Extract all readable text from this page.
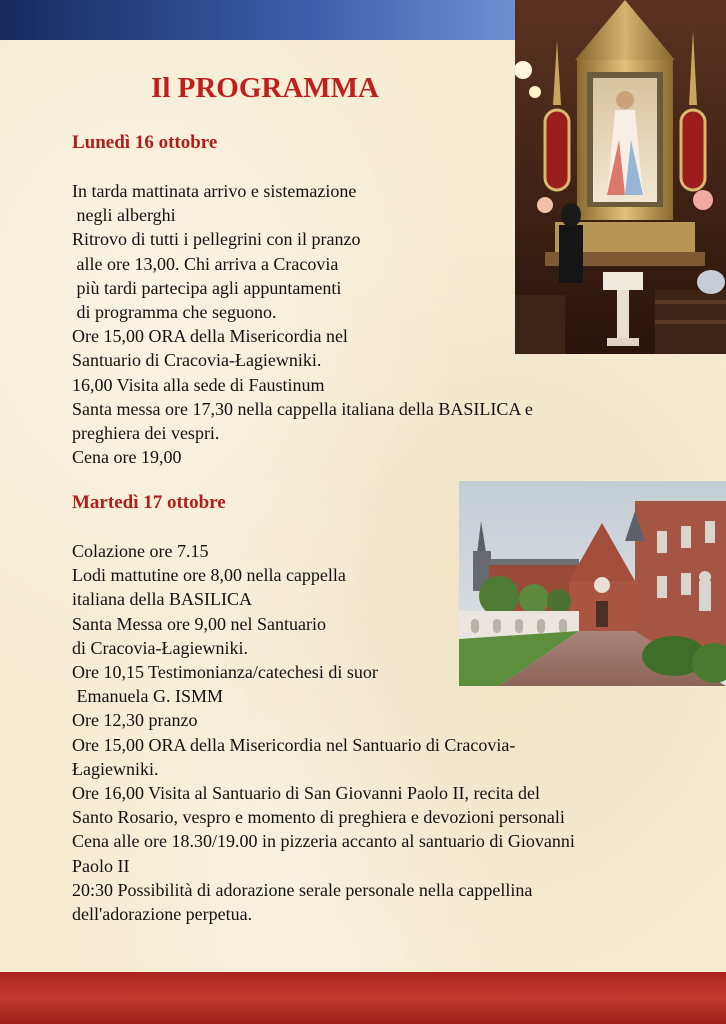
Il PROGRAMMA
Lunedì 16 ottobre
In tarda mattinata arrivo e sistemazione
negli alberghi
Ritrovo di tutti i pellegrini con il pranzo
alle ore 13,00. Chi arriva a Cracovia
più tardi partecipa agli appuntamenti
di programma che seguono.
Ore 15,00 ORA della Misericordia nel
Santuario di Cracovia-Łagiewniki.
16,00 Visita alla sede di Faustinum
Santa messa ore 17,30 nella cappella italiana della BASILICA e
preghiera dei vespri.
Cena ore 19,00
Martedì 17 ottobre
Colazione ore 7.15
Lodi mattutine ore 8,00 nella cappella
italiana della BASILICA
Santa Messa ore 9,00 nel Santuario
di Cracovia-Łagiewniki.
Ore 10,15 Testimonianza/catechesi di suor
Emanuela G. ISMM
Ore 12,30 pranzo
Ore 15,00 ORA della Misericordia nel Santuario di Cracovia-
Łagiewniki.
Ore 16,00 Visita al Santuario di San Giovanni Paolo II, recita del
Santo Rosario, vespro e momento di preghiera e devozioni personali
Cena alle ore 18.30/19.00 in pizzeria accanto al santuario di Giovanni
Paolo II
20:30 Possibilità di adorazione serale personale nella cappellina
dell'adorazione perpetua.
